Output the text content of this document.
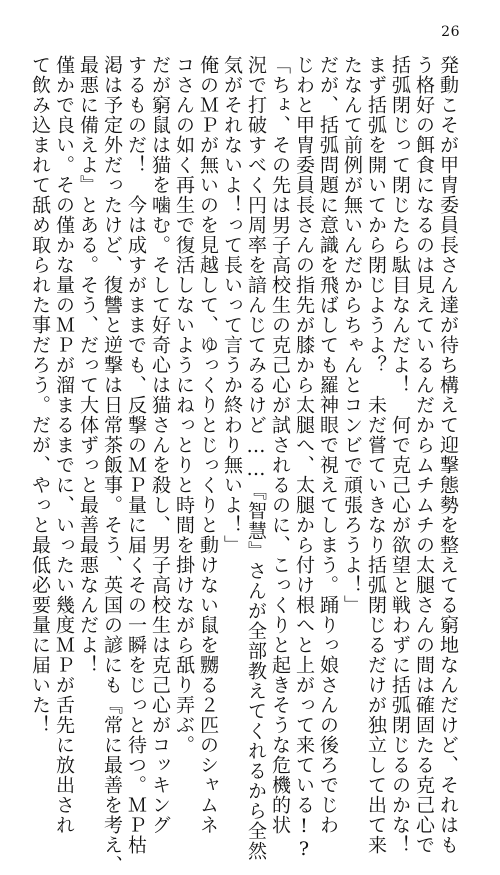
26
発動こそが甲冑委員長さん達が待ち構えて迎撃態勢を整えてる窮地なんだけど、それはも
う格好の餌食になるのは見えているんだからムチムチの太腿さんの間は確固たる克己心で
括弧閉じって閉じたら駄目なんだよ！　何で克己心が欲望と戦わずに括弧閉じるのかな！
まず括弧を開いてから閉じようよ？　未だ嘗ていきなり括弧閉じるだけが独立して出て来
たなんて前例が無いんだからちゃんとコンビで頑張ろうよ！」
だが、括弧問題に意識を飛ばしても羅神眼で視えてしまう。踊りっ娘さんの後ろでじわ
じわと甲冑委員長さんの指先が膝から太腿へ、太腿から付け根へと上がって来ている!?
「ちょ、その先は男子高校生の克己心が試されるのに、こっくりと起きそうな危機的状
況で打破すべく円周率を諳んじてみるけど……『智慧』さんが全部教えてくれるから全然
気がそれないよ！って長いって言うか終わり無いよ！」
俺のＭＰが無いのを見越して、ゆっくりとじっくりと動けない鼠を嬲る２匹のシャムネ
コさんの如く再生で復活しないようにねっとりと時間を掛けながら舐り弄ぶ。
だが窮鼠は猫を噛む。そして好奇心は猫さんを殺し、男子高校生は克己心がコッキング
するものだ！　今は成すがままでも、反撃のＭＰ量に届くその一瞬をじっと待つ。ＭＰ枯
渇は予定外だったけど、復讐と逆撃は日常茶飯事。そう、英国の諺にも『常に最善を考え、
最悪に備えよ』とある。そう、だって大体ずっと最善最悪なんだよ！
僅かで良い。その僅かな量のＭＰが溜まるまでに、いったい幾度ＭＰが舌先に放出され
て飲み込まれて舐め取られた事だろう。だが、やっと最低必要量に届いた！
